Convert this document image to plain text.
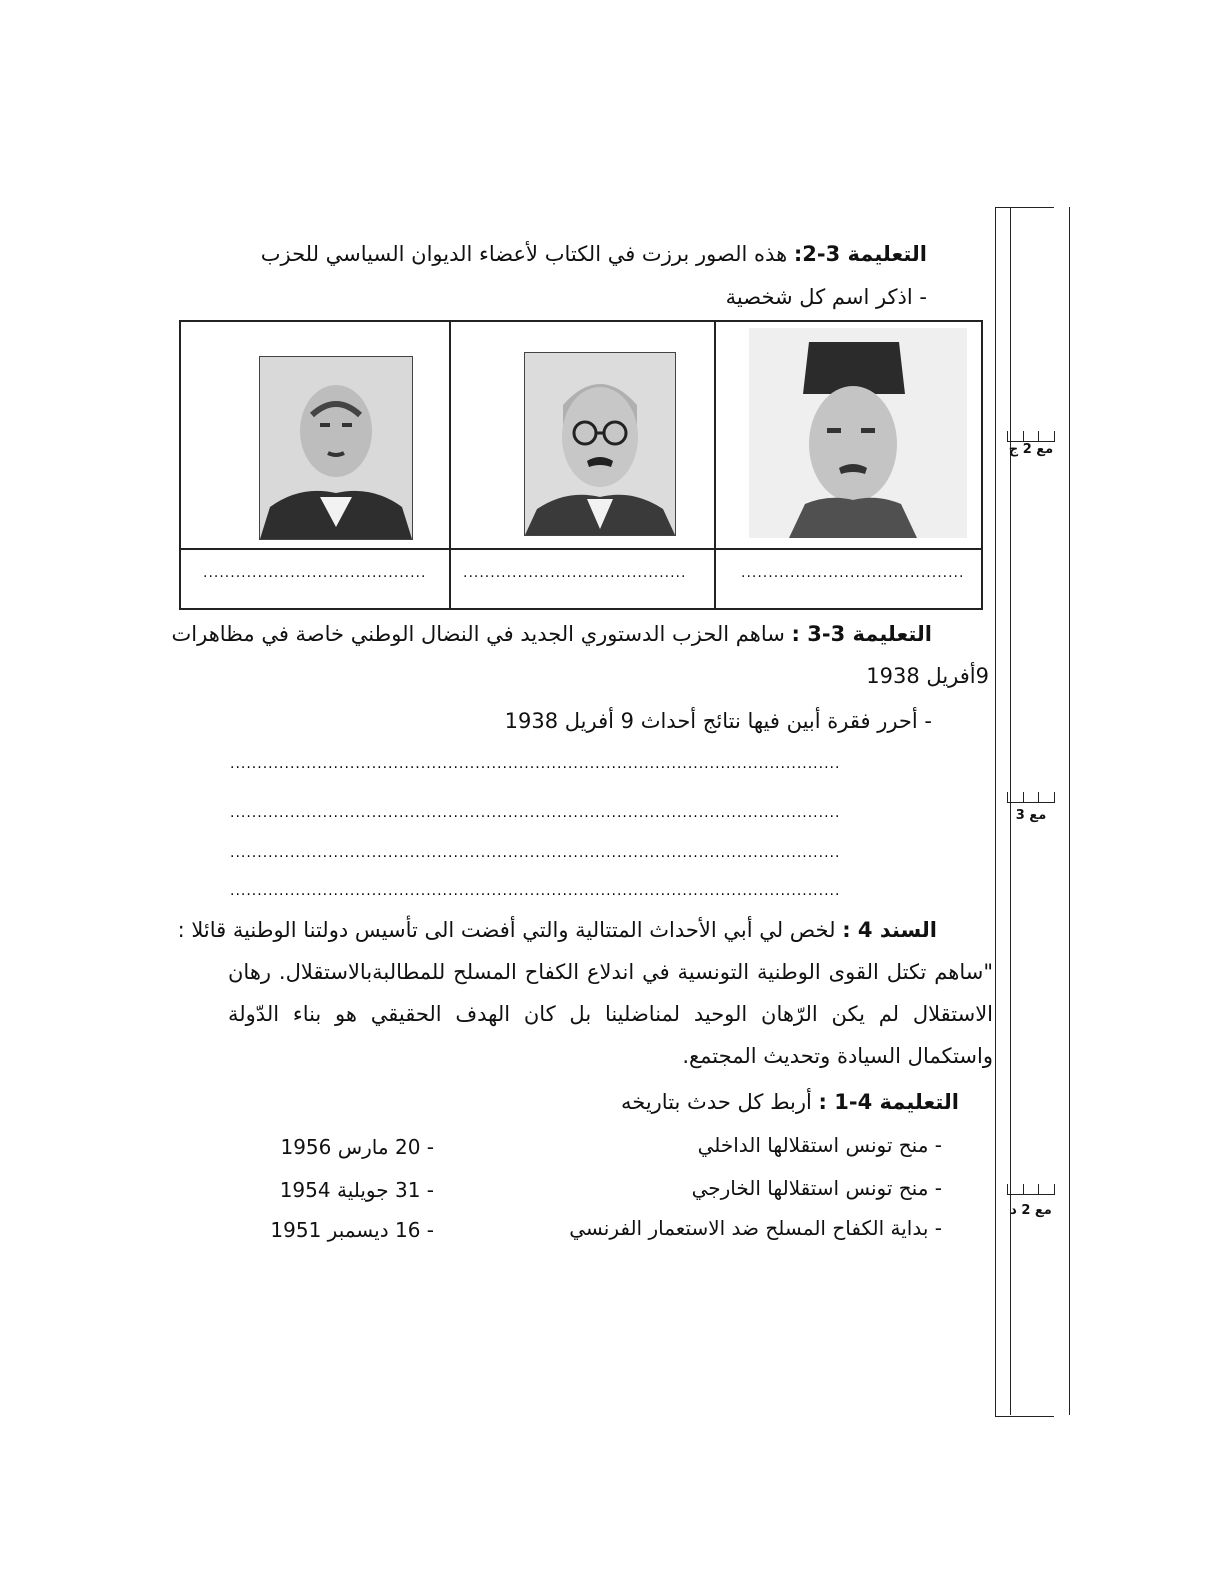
مع 2 ج
مع 3
مع 2 د
التعليمة 3-2: هذه الصور برزت في الكتاب لأعضاء الديوان السياسي للحزب
- اذكر اسم كل شخصية
.........................................	.........................................	.........................................
التعليمة 3-3 : ساهم الحزب الدستوري الجديد في النضال الوطني خاصة في مظاهرات
9أفريل 1938
- أحرر فقرة أبين فيها نتائج أحداث 9 أفريل 1938
................................................................................................................
................................................................................................................
................................................................................................................
................................................................................................................
السند 4 : لخص لي أبي الأحداث المتتالية والتي أفضت الى تأسيس دولتنا الوطنية قائلا :
"ساهم تكتل القوى الوطنية التونسية في اندلاع الكفاح المسلح للمطالبةبالاستقلال. رهان الاستقلال لم يكن الرّهان الوحيد لمناضلينا بل كان الهدف الحقيقي هو بناء الدّولة واستكمال السيادة وتحديث المجتمع.
التعليمة 4-1 : أربط كل حدث بتاريخه
- منح تونس استقلالها الداخلي
- منح تونس استقلالها الخارجي
- بداية الكفاح المسلح ضد الاستعمار الفرنسي
- 20 مارس 1956
- 31 جويلية 1954
- 16 ديسمبر 1951
